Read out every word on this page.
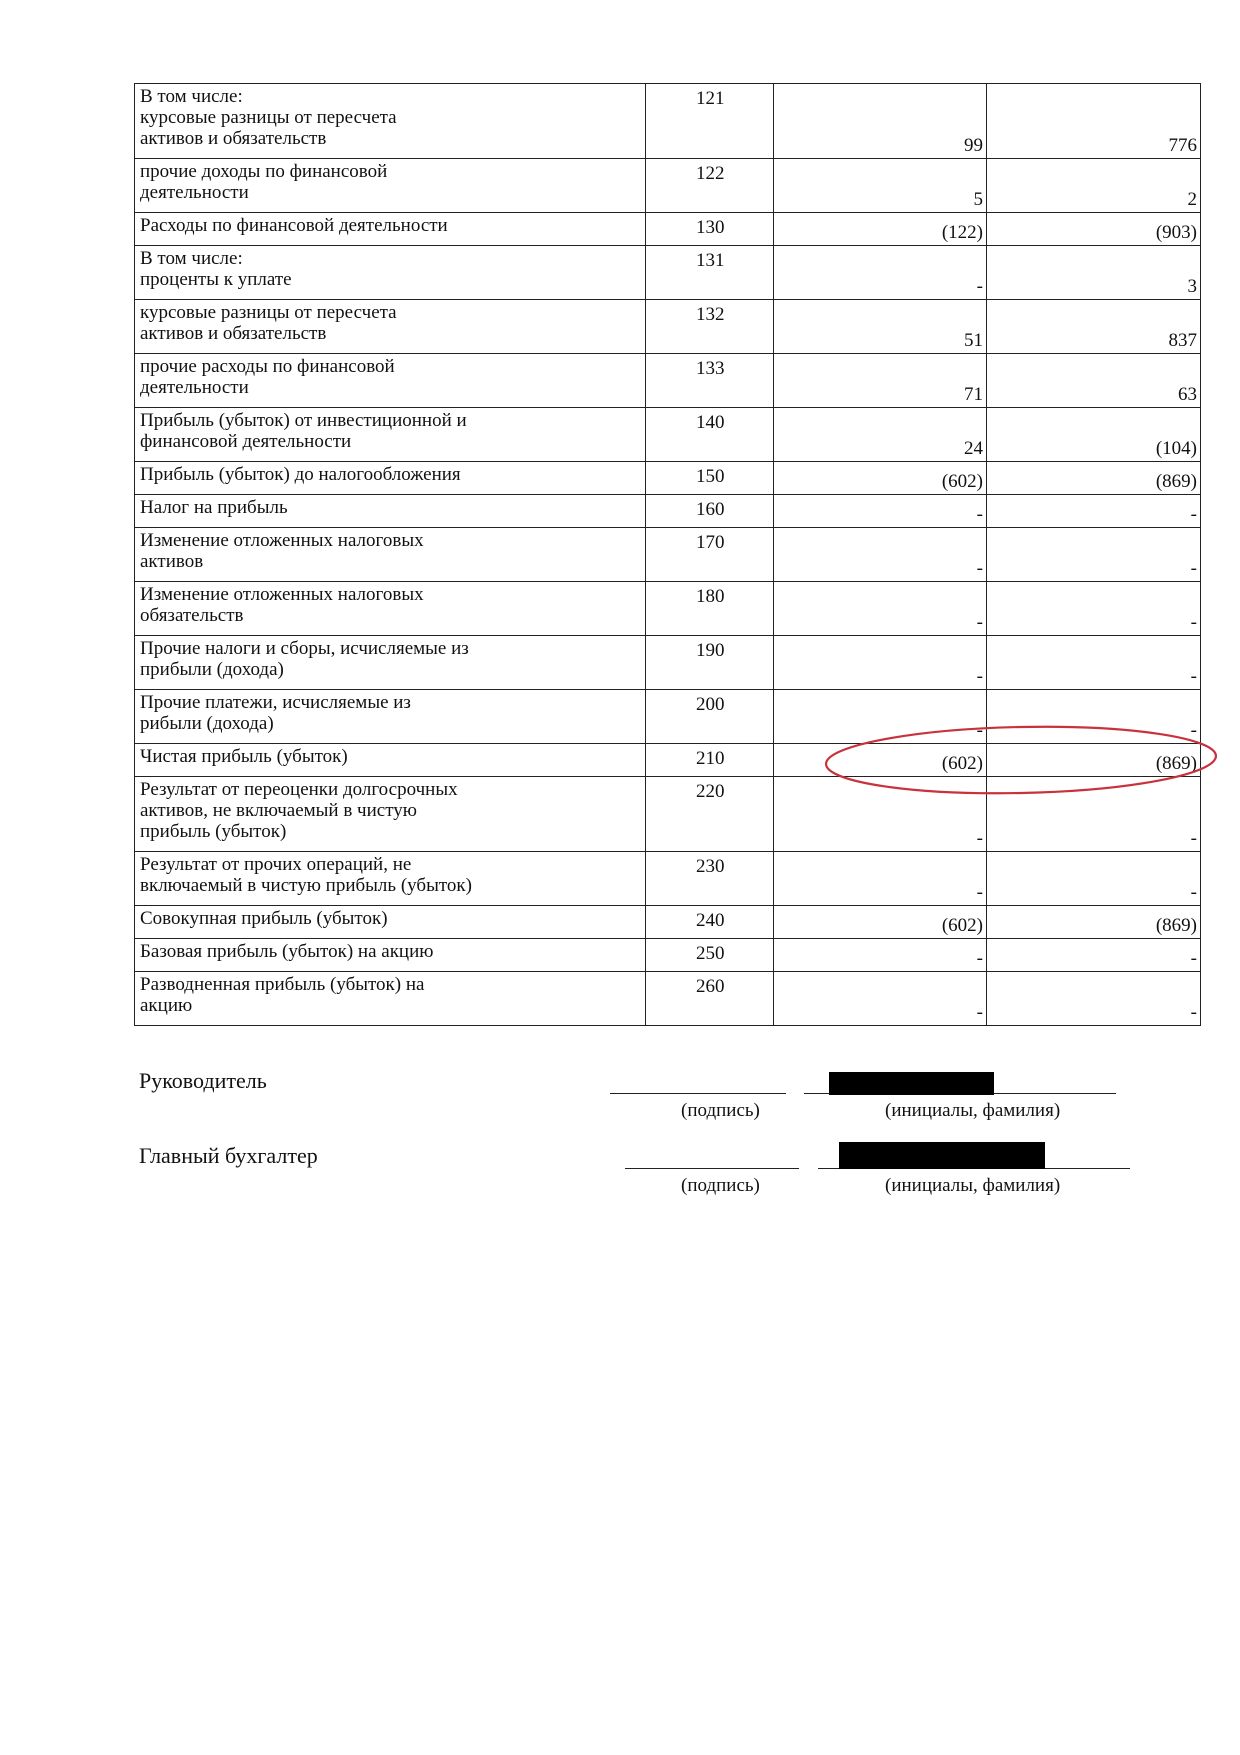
В том числе:
курсовые разницы от пересчета
активов и обязательств	121	99	776
прочие доходы по финансовой
деятельности	122	5	2
Расходы по финансовой деятельности	130	(122)	(903)
В том числе:
проценты к уплате	131	-	3
курсовые разницы от пересчета
активов и обязательств	132	51	837
прочие расходы по финансовой
деятельности	133	71	63
Прибыль (убыток) от инвестиционной и
финансовой деятельности	140	24	(104)
Прибыль (убыток) до налогообложения	150	(602)	(869)
Налог на прибыль	160	-	-
Изменение отложенных налоговых
активов	170	-	-
Изменение отложенных налоговых
обязательств	180	-	-
Прочие налоги и сборы, исчисляемые из
прибыли (дохода)	190	-	-
Прочие платежи, исчисляемые из
рибыли (дохода)	200	-	-
Чистая прибыль (убыток)	210	(602)	(869)
Результат от переоценки долгосрочных
активов, не включаемый в чистую
прибыль (убыток)	220	-	-
Результат от прочих операций, не
включаемый в чистую прибыль (убыток)	230	-	-
Совокупная прибыль (убыток)	240	(602)	(869)
Базовая прибыль (убыток) на акцию	250	-	-
Разводненная прибыль (убыток) на
акцию	260	-	-
Руководитель
(подпись)	(инициалы, фамилия)
Главный бухгалтер
(подпись)	(инициалы, фамилия)
